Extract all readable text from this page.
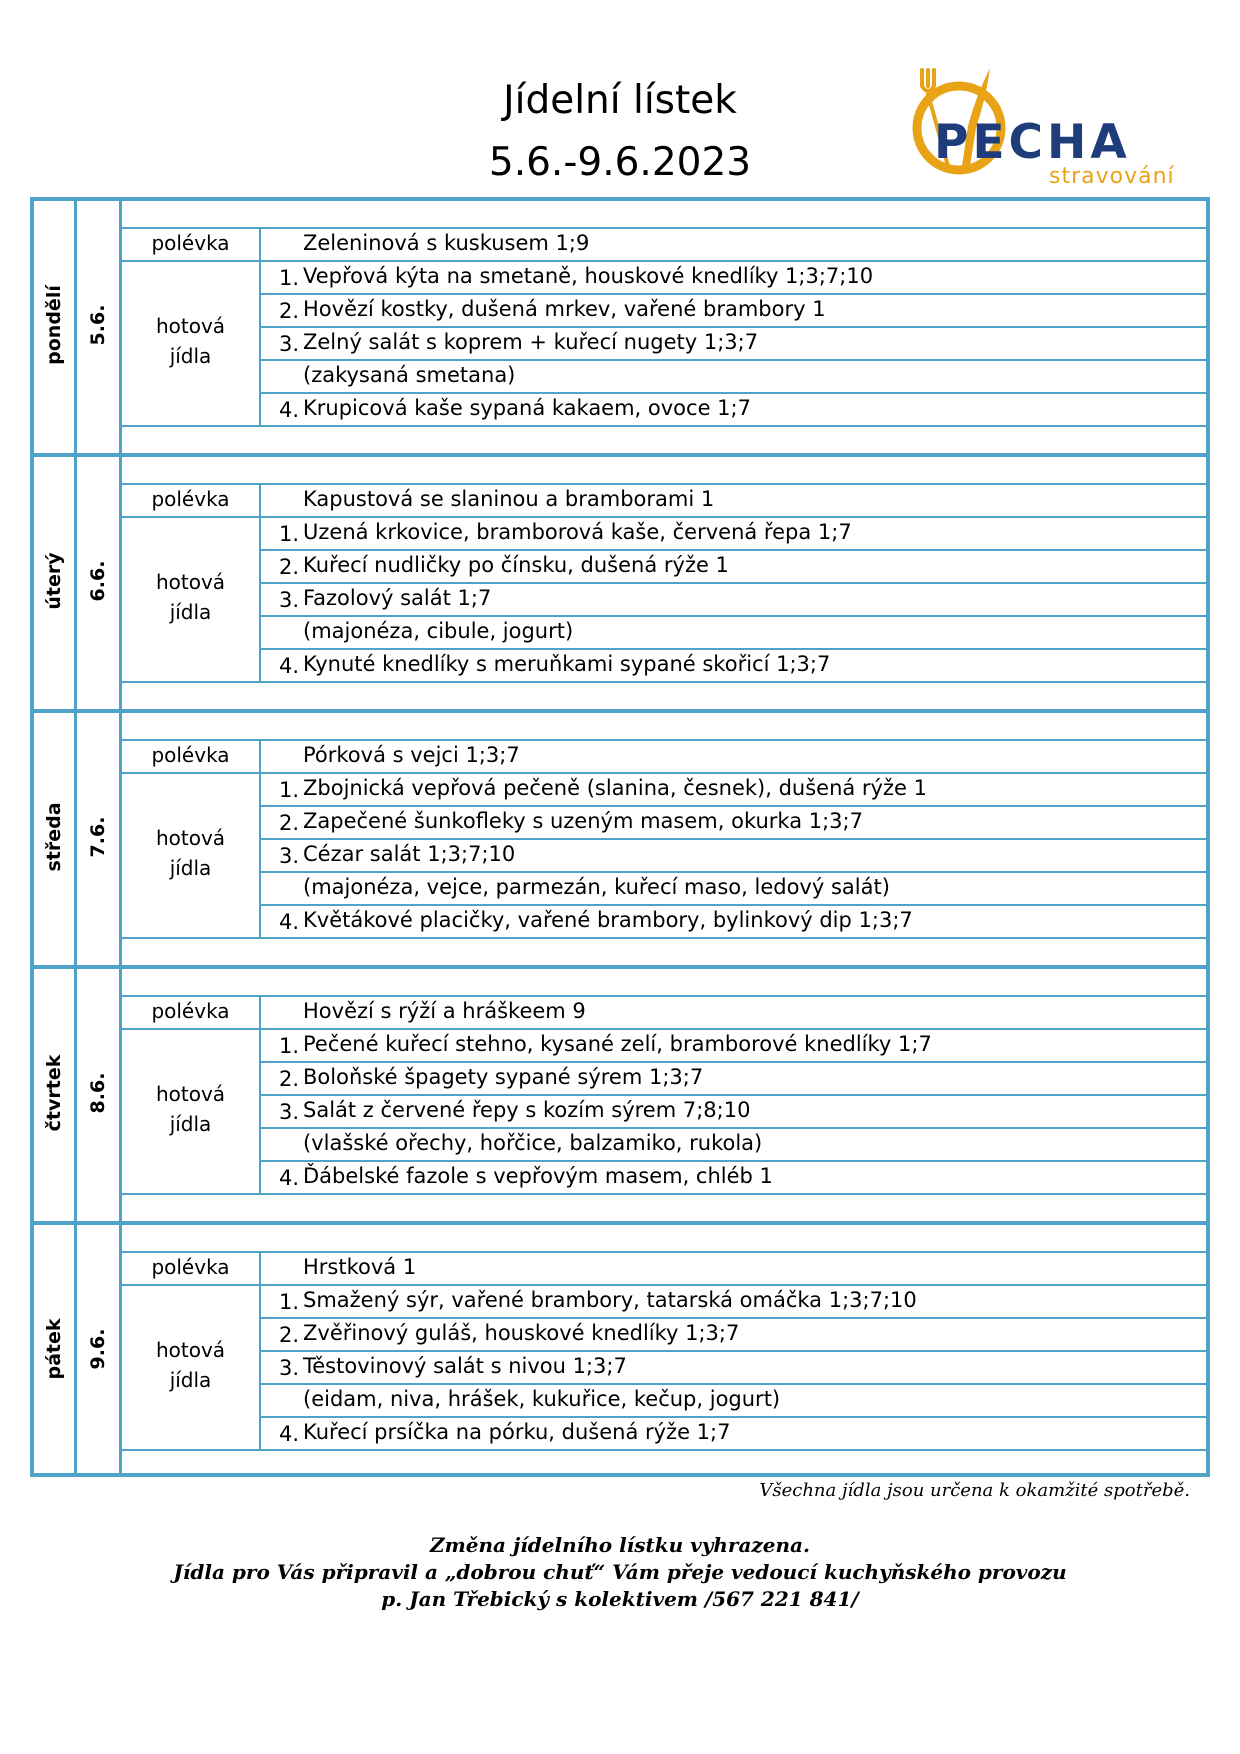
Jídelní lístek
5.6.-9.6.2023	PECHA
stravování
pondělí 5.6.
polévka	Zeleninová s kuskusem 1;9
hotová
jídla
1. Vepřová kýta na smetaně, houskové knedlíky 1;3;7;10
2. Hovězí kostky, dušená mrkev, vařené brambory 1
3. Zelný salát s koprem + kuřecí nugety 1;3;7
(zakysaná smetana)
4. Krupicová kaše sypaná kakaem, ovoce 1;7
úterý 6.6.
polévka	Kapustová se slaninou a bramborami 1
hotová
jídla
1. Uzená krkovice, bramborová kaše, červená řepa 1;7
2. Kuřecí nudličky po čínsku, dušená rýže 1
3. Fazolový salát 1;7
(majonéza, cibule, jogurt)
4. Kynuté knedlíky s meruňkami sypané skořicí 1;3;7
středa 7.6.
polévka	Pórková s vejci 1;3;7
hotová
jídla
1. Zbojnická vepřová pečeně (slanina, česnek), dušená rýže 1
2. Zapečené šunkofleky s uzeným masem, okurka 1;3;7
3. Cézar salát 1;3;7;10
(majonéza, vejce, parmezán, kuřecí maso, ledový salát)
4. Květákové placičky, vařené brambory, bylinkový dip 1;3;7
čtvrtek 8.6.
polévka	Hovězí s rýží a hráškeem 9
hotová
jídla
1. Pečené kuřecí stehno, kysané zelí, bramborové knedlíky 1;7
2. Boloňské špagety sypané sýrem 1;3;7
3. Salát z červené řepy s kozím sýrem 7;8;10
(vlašské ořechy, hořčice, balzamiko, rukola)
4. Ďábelské fazole s vepřovým masem, chléb 1
pátek 9.6.
polévka	Hrstková 1
hotová
jídla
1. Smažený sýr, vařené brambory, tatarská omáčka 1;3;7;10
2. Zvěřinový guláš, houskové knedlíky 1;3;7
3. Těstovinový salát s nivou 1;3;7
(eidam, niva, hrášek, kukuřice, kečup, jogurt)
4. Kuřecí prsíčka na pórku, dušená rýže 1;7
Všechna jídla jsou určena k okamžité spotřebě.
Změna jídelního lístku vyhrazena.
Jídla pro Vás připravil a „dobrou chuť“ Vám přeje vedoucí kuchyňského provozu
p. Jan Třebický s kolektivem /567 221 841/
